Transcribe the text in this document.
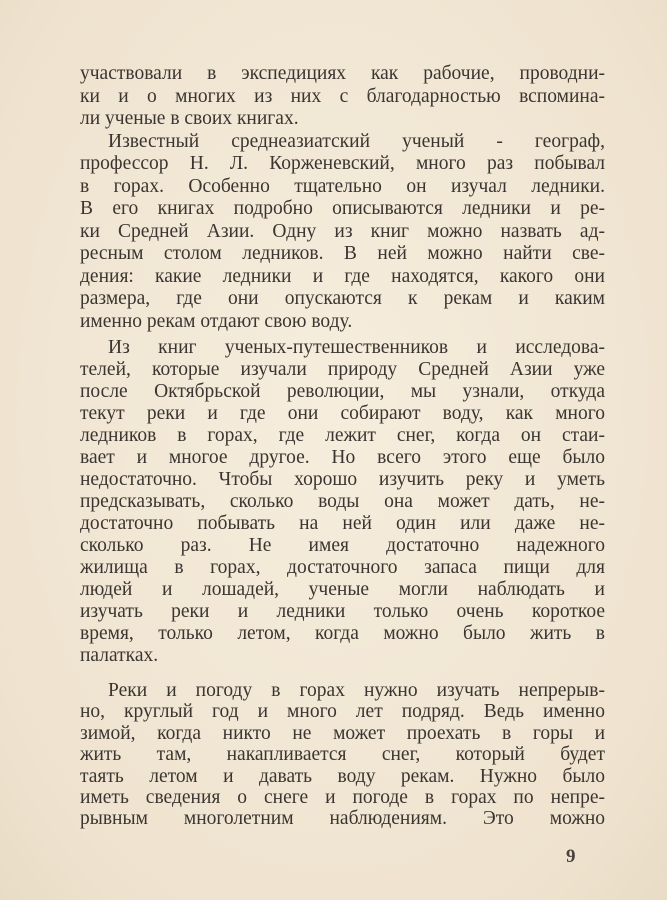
участвовали в экспедициях как рабочие, проводни-
ки и о многих из них с благодарностью вспомина-
ли ученые в своих книгах.
Известный среднеазиатский ученый - географ,
профессор Н. Л. Корженевский, много раз побывал
в горах. Особенно тщательно он изучал ледники.
В его книгах подробно описываются ледники и ре-
ки Средней Азии. Одну из книг можно назвать ад-
ресным столом ледников. В ней можно найти све-
дения: какие ледники и где находятся, какого они
размера, где они опускаются к рекам и каким
именно рекам отдают свою воду.
Из книг ученых-путешественников и исследова-
телей, которые изучали природу Средней Азии уже
после Октябрьской революции, мы узнали, откуда
текут реки и где они собирают воду, как много
ледников в горах, где лежит снег, когда он стаи-
вает и многое другое. Но всего этого еще было
недостаточно. Чтобы хорошо изучить реку и уметь
предсказывать, сколько воды она может дать, не-
достаточно побывать на ней один или даже не-
сколько раз. Не имея достаточно надежного
жилища в горах, достаточного запаса пищи для
людей и лошадей, ученые могли наблюдать и
изучать реки и ледники только очень короткое
время, только летом, когда можно было жить в
палатках.
Реки и погоду в горах нужно изучать непрерыв-
но, круглый год и много лет подряд. Ведь именно
зимой, когда никто не может проехать в горы и
жить там, накапливается снег, который будет
таять летом и давать воду рекам. Нужно было
иметь сведения о снеге и погоде в горах по непре-
рывным многолетним наблюдениям. Это можно
9
